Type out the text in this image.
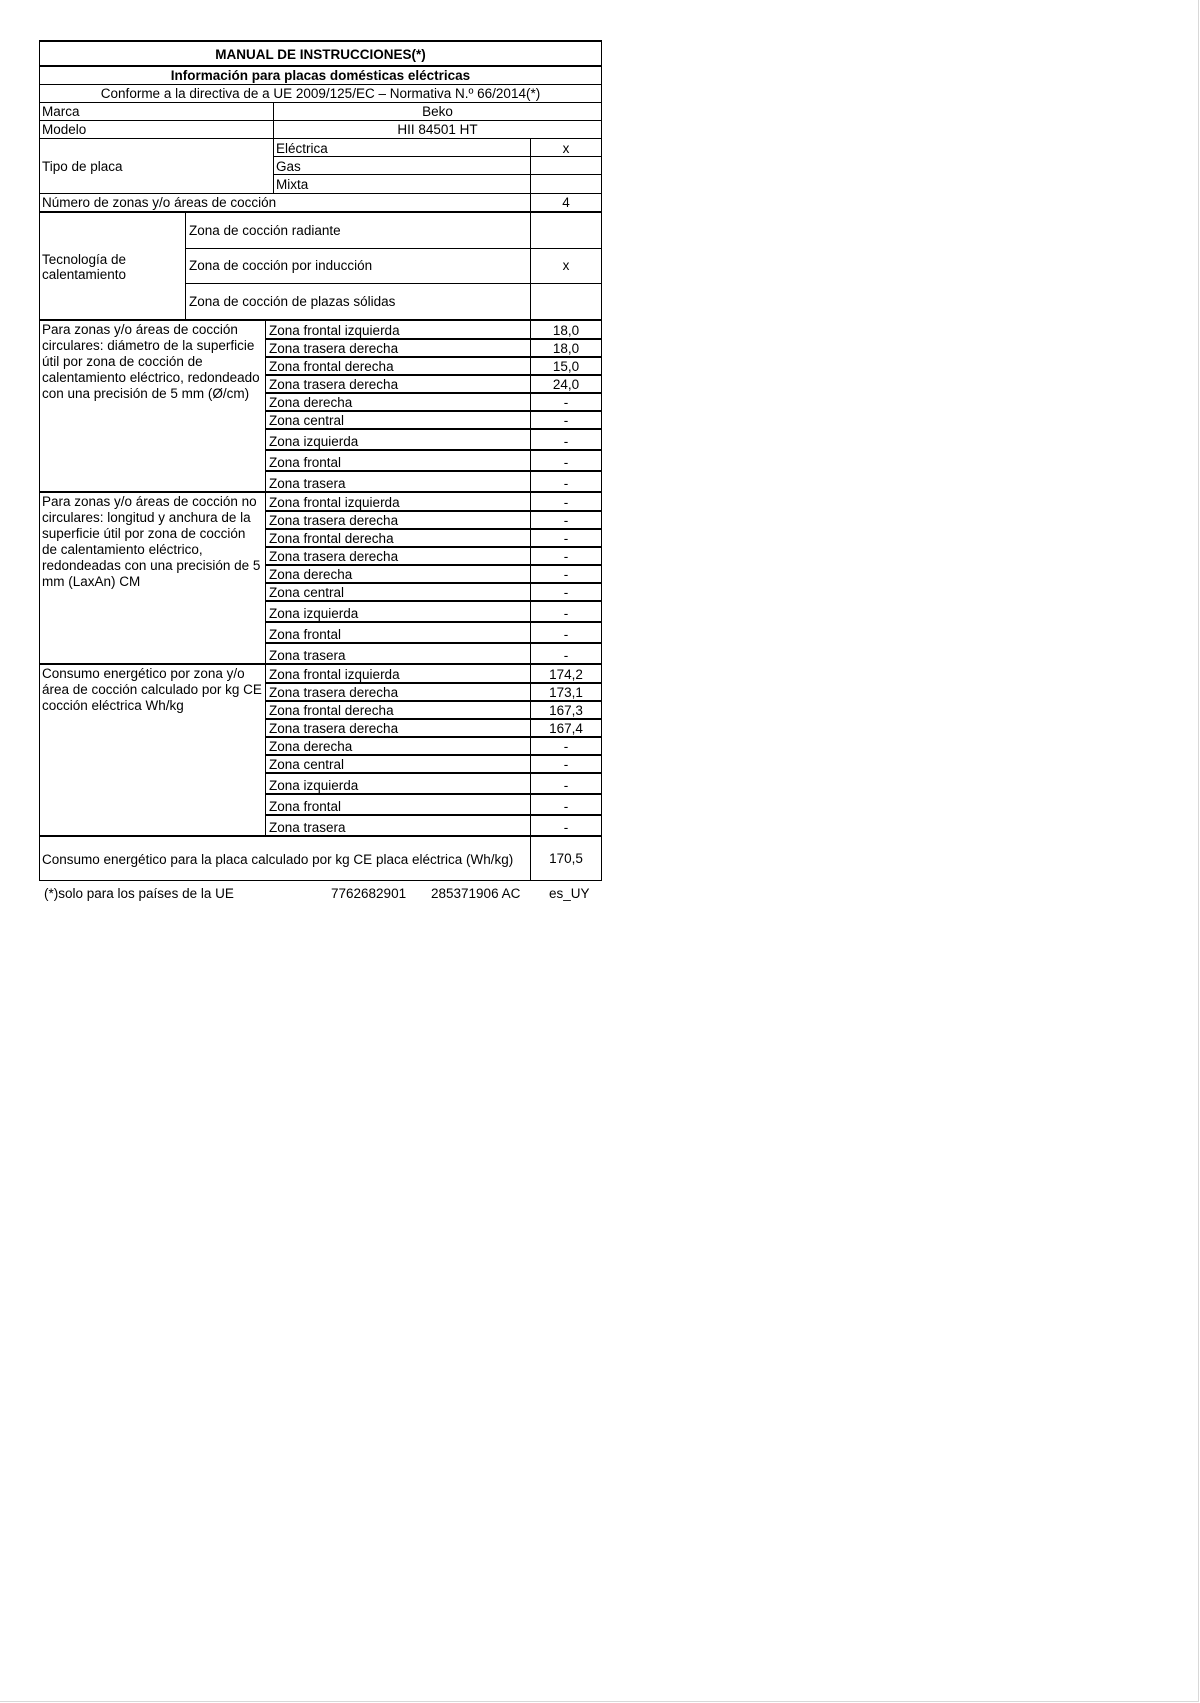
MANUAL DE INSTRUCCIONES(*)
Información para placas domésticas eléctricas
Conforme a la directiva de a UE 2009/125/EC – Normativa N.º 66/2014(*)
Marca	Beko
Modelo	HII 84501 HT
Tipo de placa
Eléctrica	x
Gas
Mixta
Número de zonas y/o áreas de cocción	4
Tecnología de calentamiento
Zona de cocción radiante
Zona de cocción por inducción	x
Zona de cocción de plazas sólidas
Para zonas y/o áreas de cocción circulares: diámetro de la superficie útil por zona de cocción de calentamiento eléctrico, redondeado con una precisión de 5 mm (Ø/cm)
Zona frontal izquierda	18,0
Zona trasera derecha	18,0
Zona frontal derecha	15,0
Zona trasera derecha	24,0
Zona derecha	-
Zona central	-
Zona izquierda	-
Zona frontal	-
Zona trasera	-
Para zonas y/o áreas de cocción no circulares: longitud y anchura de la superficie útil por zona de cocción de calentamiento eléctrico, redondeadas con una precisión de 5 mm (LaxAn) CM
Zona frontal izquierda	-
Zona trasera derecha	-
Zona frontal derecha	-
Zona trasera derecha	-
Zona derecha	-
Zona central	-
Zona izquierda	-
Zona frontal	-
Zona trasera	-
Consumo energético por zona y/o área de cocción calculado por kg CE cocción eléctrica Wh/kg
Zona frontal izquierda	174,2
Zona trasera derecha	173,1
Zona frontal derecha	167,3
Zona trasera derecha	167,4
Zona derecha	-
Zona central	-
Zona izquierda	-
Zona frontal	-
Zona trasera	-
Consumo energético para la placa calculado por kg CE placa eléctrica (Wh/kg)	170,5
(*)solo para los países de la UE	7762682901 285371906 AC es_UY
